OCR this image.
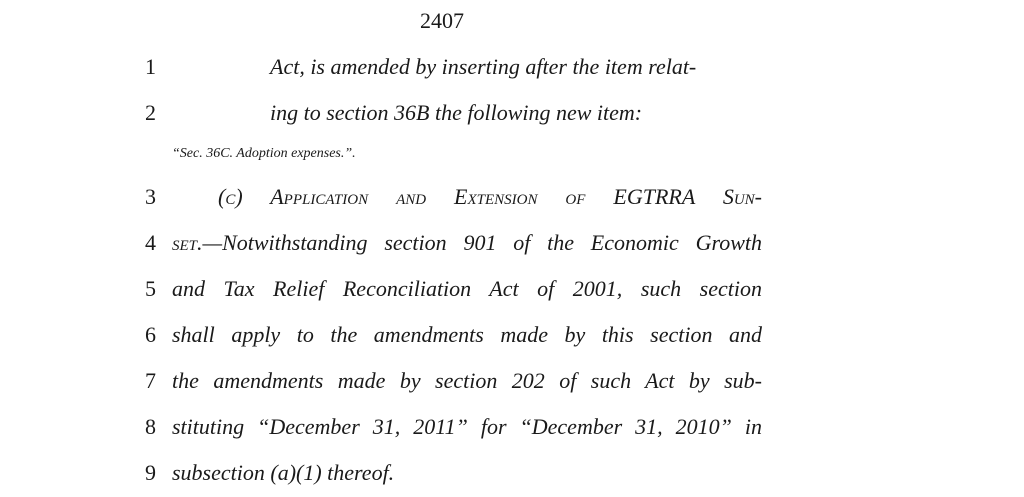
2407
1	Act, is amended by inserting after the item relat-
2	ing to section 36B the following new item:
“Sec. 36C. Adoption expenses.”.
3	(c) Application and Extension of EGTRRA Sun-
4 set.—Notwithstanding section 901 of the Economic Growth
5 and Tax Relief Reconciliation Act of 2001, such section
6 shall apply to the amendments made by this section and
7 the amendments made by section 202 of such Act by sub-
8 stituting “December 31, 2011” for “December 31, 2010” in
9 subsection (a)(1) thereof.
